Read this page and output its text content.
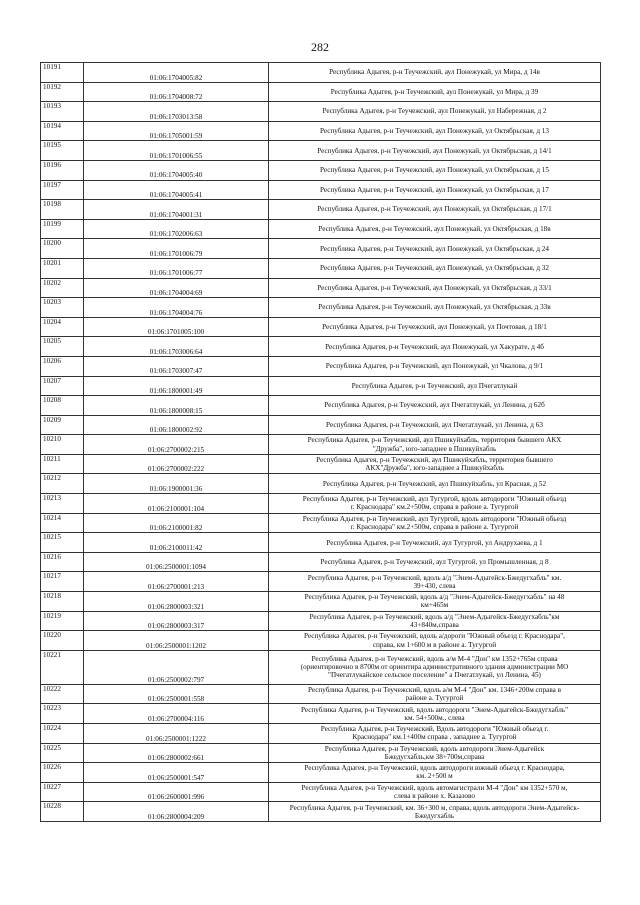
282
10191	01:06:1704005:82	Республика Адыгея, р-н Теучежский, аул Понежукай, ул Мира, д 14в

10192	01:06:1704008:72	Республика Адыгея, р-н Теучежский, аул Понежукай, ул Мира, д 39

10193	01:06:1703013:58	Республика Адыгея, р-н Теучежский, аул Понежукай, ул Набережная, д 2

10194	01:06:1705001:59	Республика Адыгея, р-н Теучежский, аул Понежукай, ул Октябрьская, д 13

10195	01:06:1701006:55	Республика Адыгея, р-н Теучежский, аул Понежукай, ул Октябрьская, д 14/1

10196	01:06:1704005:40	Республика Адыгея, р-н Теучежский, аул Понежукай, ул Октябрьская, д 15

10197	01:06:1704005:41	Республика Адыгея, р-н Теучежский, аул Понежукай, ул Октябрьская, д 17

10198	01:06:1704001:31	Республика Адыгея, р-н Теучежский, аул Понежукай, ул Октябрьская, д 17/1

10199	01:06:1702006:63	Республика Адыгея, р-н Теучежский, аул Понежукай, ул Октябрьская, д 18в

10200	01:06:1701006:79	Республика Адыгея, р-н Теучежский, аул Понежукай, ул Октябрьская, д 24

10201	01:06:1701006:77	Республика Адыгея, р-н Теучежский, аул Понежукай, ул Октябрьская, д 32

10202	01:06:1704004:69	Республика Адыгея, р-н Теучежский, аул Понежукай, ул Октябрьская, д 33/1

10203	01:06:1704004:76	Республика Адыгея, р-н Теучежский, аул Понежукай, ул Октябрьская, д 33в

10204	01:06:1701005:100	Республика Адыгея, р-н Теучежский, аул Понежукай, ул Почтовая, д 18/1

10205	01:06:1703006:64	Республика Адыгея, р-н Теучежский, аул Понежукай, ул Хакурате, д 4б

10206	01:06:1703007:47	Республика Адыгея, р-н Теучежский, аул Понежукай, ул Чкалова, д 9/1

10207	01:06:1800001:49	Республика Адыгея, р-н Теучежский, аул Пчегатлукай

10208	01:06:1800008:15	Республика Адыгея, р-н Теучежский, аул Пчегатлукай, ул Ленина, д 62б

10209	01:06:1800002:92	Республика Адыгея, р-н Теучежский, аул Пчегатлукай, ул Ленина, д 63

10210	01:06:2700002:215	Республика Адыгея, р-н Теучежский, аул Пшикуйхабль, территория бывшего АКХ
"Дружба", юго-западнее в Пшикуйхабль

10211	01:06:2700002:222	Республика Адыгея, р-н Теучежский, аул Пшикуйхабль, территория бывшего
АКХ"Дружба", юго-западнее а Пшикуйхабль

10212	01:06:1900001:36	Республика Адыгея, р-н Теучежский, аул Пшикуйхабль, ул Красная, д 52

10213	01:06:2100001:104	Республика Адыгея, р-н Теучежский, аул Тугургой, вдоль автодороги "Южный обьезд
г. Краснодара" км.2+500м, справа в районе а. Тугургой

10214	01:06:2100001:82	Республика Адыгея, р-н Теучежский, аул Тугургой, вдоль автодороги "Южный обьезд
г. Краснодара" км.2+500м, справа в районе а. Тугургой

10215	01:06:2100011:42	Республика Адыгея, р-н Теучежский, аул Тугургой, ул Андрухаева, д 1

10216	01:06:2500001:1094	Республика Адыгея, р-н Теучежский, аул Тугургой, ул Промышленная, д 8

10217	01:06:2700001:213	Республика Адыгея, р-н Теучежский, вдоль а/д "Энем-Адыгейск-Бжедугхабль" км.
39+430, слева

10218	01:06:2800003:321	Республика Адыгея, р-н Теучежский, вдоль а/д "Энем-Адыгейск-Бжедугхабль" на 48
км+465м

10219	01:06:2800003:317	Республика Адыгея, р-н Теучежский, вдоль а/д "Энем-Адыгейск-Бжедугхабль"км
43+840м,справа

10220	01:06:2500001:1202	Республика Адыгея, р-н Теучежский, вдоль а/дороги "Южный объезд г. Краснодара",
справа, км 1+600 м в районе а. Тугургой

10221	01:06:2500002:797	Республика Адыгея, р-н Теучежский, вдоль а/м М-4 "Дон" км 1352+765м справа
(ориентировочно в 8700м от ориентира административного здания администрации МО
"Пчегатлукайское сельское поселение" а Пчегатлукай, ул Ленина, 45)

10222	01:06:2500001:558	Республика Адыгея, р-н Теучежский, вдоль а/м М-4 "Дон" км. 1346+200м справа в
районе а. Тугургой

10223	01:06:2700004:116	Республика Адыгея, р-н Теучежский, вдоль автодороги "Энем-Адыгейск-Бжедугхабль"
км. 54+500м., слева

10224	01:06:2500001:1222	Республика Адыгея, р-н Теучежский, Вдоль автодороги "Южный обьезд г.
Краснодара" км.1+400м справа , западнее а. Тугургой

10225	01:06:2800002:661	Республика Адыгея, р-н Теучежский, вдоль автодороги Энем-Адыгейск
Бжедугхабль,км 38+700м,справа

10226	01:06:2500001:547	Республика Адыгея, р-н Теучежский, вдоль автодороги южный обьезд г. Краснодара,
км. 2+500 м

10227	01:06:2600001:996	Республика Адыгея, р-н Теучежский, вдоль автомагистрали М-4 "Дон" км 1352+570 м,
слева в районе х. Казазово

10228	01:06:2800004:209	Республика Адыгея, р-н Теучежский, км. 36+300 м, справа, вдоль автодороги Энем-Адыгейск-
Бжедугхабль
